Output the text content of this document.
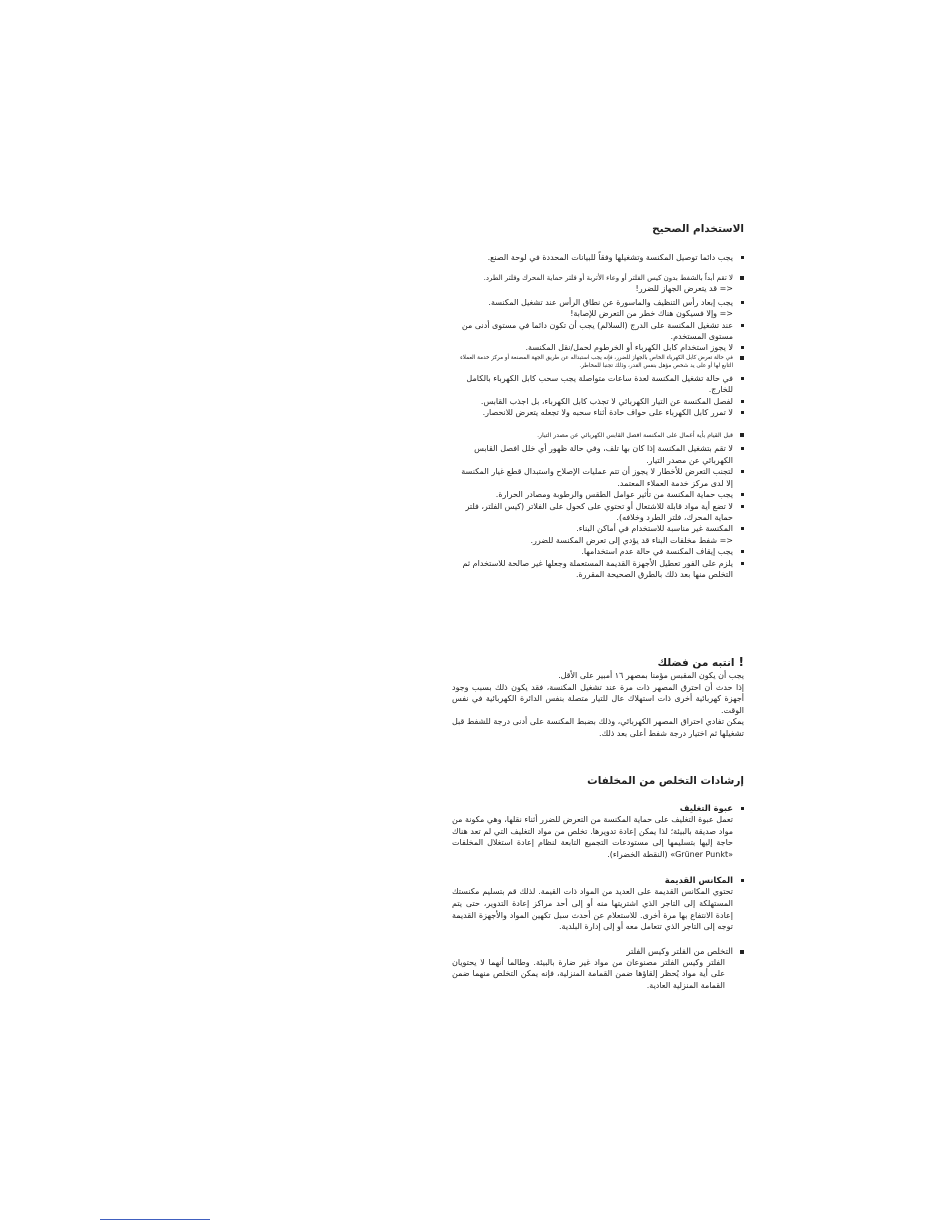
الاستخدام الصحيح
يجب دائما توصيل المكنسة وتشغيلها وفقاً للبيانات المحددة في لوحة الصنع.
لا تقم أبداً بالشفط بدون كيس الفلتر أو وعاء الأتربة أو فلتر حماية المحرك وفلتر الطرد.
<= قد يتعرض الجهاز للضرر!
يجب إبعاد رأس التنظيف والماسورة عن نطاق الرأس عند تشغيل المكنسة.
<= وإلا فسيكون هناك خطر من التعرض للإصابة!
عند تشغيل المكنسة على الدرج (السلالم) يجب أن تكون دائما في مستوى أدنى من مستوى المستخدم.
لا يجوز استخدام كابل الكهرباء أو الخرطوم لحمل/نقل المكنسة.
في حالة تعرض كابل الكهرباء الخاص بالجهاز للضرر، فإنه يجب استبداله عن طريق الجهة المصنعة أو مركز خدمة العملاء التابع لها أو على يد شخص مؤهل بنفس القدر، وذلك تجنبا للمخاطر.
في حالة تشغيل المكنسة لعدة ساعات متواصلة يجب سحب كابل الكهرباء بالكامل للخارج.
لفصل المكنسة عن التيار الكهربائي لا تجذب كابل الكهرباء، بل اجذب القابس.
لا تمرر كابل الكهرباء على حواف حادة أثناء سحبه ولا تجعله يتعرض للانحصار.
قبل القيام بأية أعمال على المكنسة افصل القابس الكهربائي عن مصدر التيار.
لا تقم بتشغيل المكنسة إذا كان بها تلف، وفي حالة ظهور أي خلل افصل القابس الكهربائي عن مصدر التيار.
لتجنب التعرض للأخطار لا يجوز أن تتم عمليات الإصلاح واستبدال قطع غيار المكنسة إلا لدى مركز خدمة العملاء المعتمد.
يجب حماية المكنسة من تأثير عوامل الطقس والرطوبة ومصادر الحرارة.
لا تضع أية مواد قابلة للاشتعال أو تحتوي على كحول على الفلاتر (كيس الفلتر، فلتر حماية المحرك، فلتر الطرد وخلافه).
المكنسة غير مناسبة للاستخدام في أماكن البناء.
<= شفط مخلفات البناء قد يؤدي إلى تعرض المكنسة للضرر.
يجب إيقاف المكنسة في حالة عدم استخدامها.
يلزم على الفور تعطيل الأجهزة القديمة المستعملة وجعلها غير صالحة للاستخدام ثم التخلص منها بعد ذلك بالطرق الصحيحة المقررة.
!انتبه من فضلك

يجب أن يكون المقبس مؤمنا بمصهر ١٦ أمبير على الأقل.

إذا حدث أن احترق المصهر ذات مرة عند تشغيل المكنسة، فقد يكون ذلك بسبب وجود أجهزة كهربائية أخرى ذات استهلاك عال للتيار متصلة بنفس الدائرة الكهربائية في نفس الوقت.

يمكن تفادي احتراق المصهر الكهربائي، وذلك بضبط المكنسة على أدنى درجة للشفط قبل تشغيلها ثم اختيار درجة شفط أعلى بعد ذلك.

إرشادات التخلص من المخلفات

عبوة التغليف

تعمل عبوة التغليف على حماية المكنسة من التعرض للضرر أثناء نقلها، وهي مكونة من مواد صديقة بالبيئة؛ لذا يمكن إعادة تدويرها. تخلص من مواد التغليف التي لم تعد هناك حاجة إليها بتسليمها إلى مستودعات التجميع التابعة لنظام إعادة استغلال المخلفات «Grüner Punkt» (النقطة الخضراء).

المكانس القديمة

تحتوي المكانس القديمة على العديد من المواد ذات القيمة. لذلك قم بتسليم مكنستك المستهلكة إلى التاجر الذي اشتريتها منه أو إلى أحد مراكز إعادة التدوير، حتى يتم إعادة الانتفاع بها مرة أخرى. للاستعلام عن أحدث سبل تكهين المواد والأجهزة القديمة توجه إلى التاجر الذي تتعامل معه أو إلى إدارة البلدية.

التخلص من الفلتر وكيس الفلتر

الفلتر وكيس الفلتر مصنوعان من مواد غير ضارة بالبيئة. وطالما أنهما لا يحتويان على أية مواد يُحظر إلقاؤها ضمن القمامة المنزلية، فإنه يمكن التخلص منهما ضمن القمامة المنزلية العادية.
